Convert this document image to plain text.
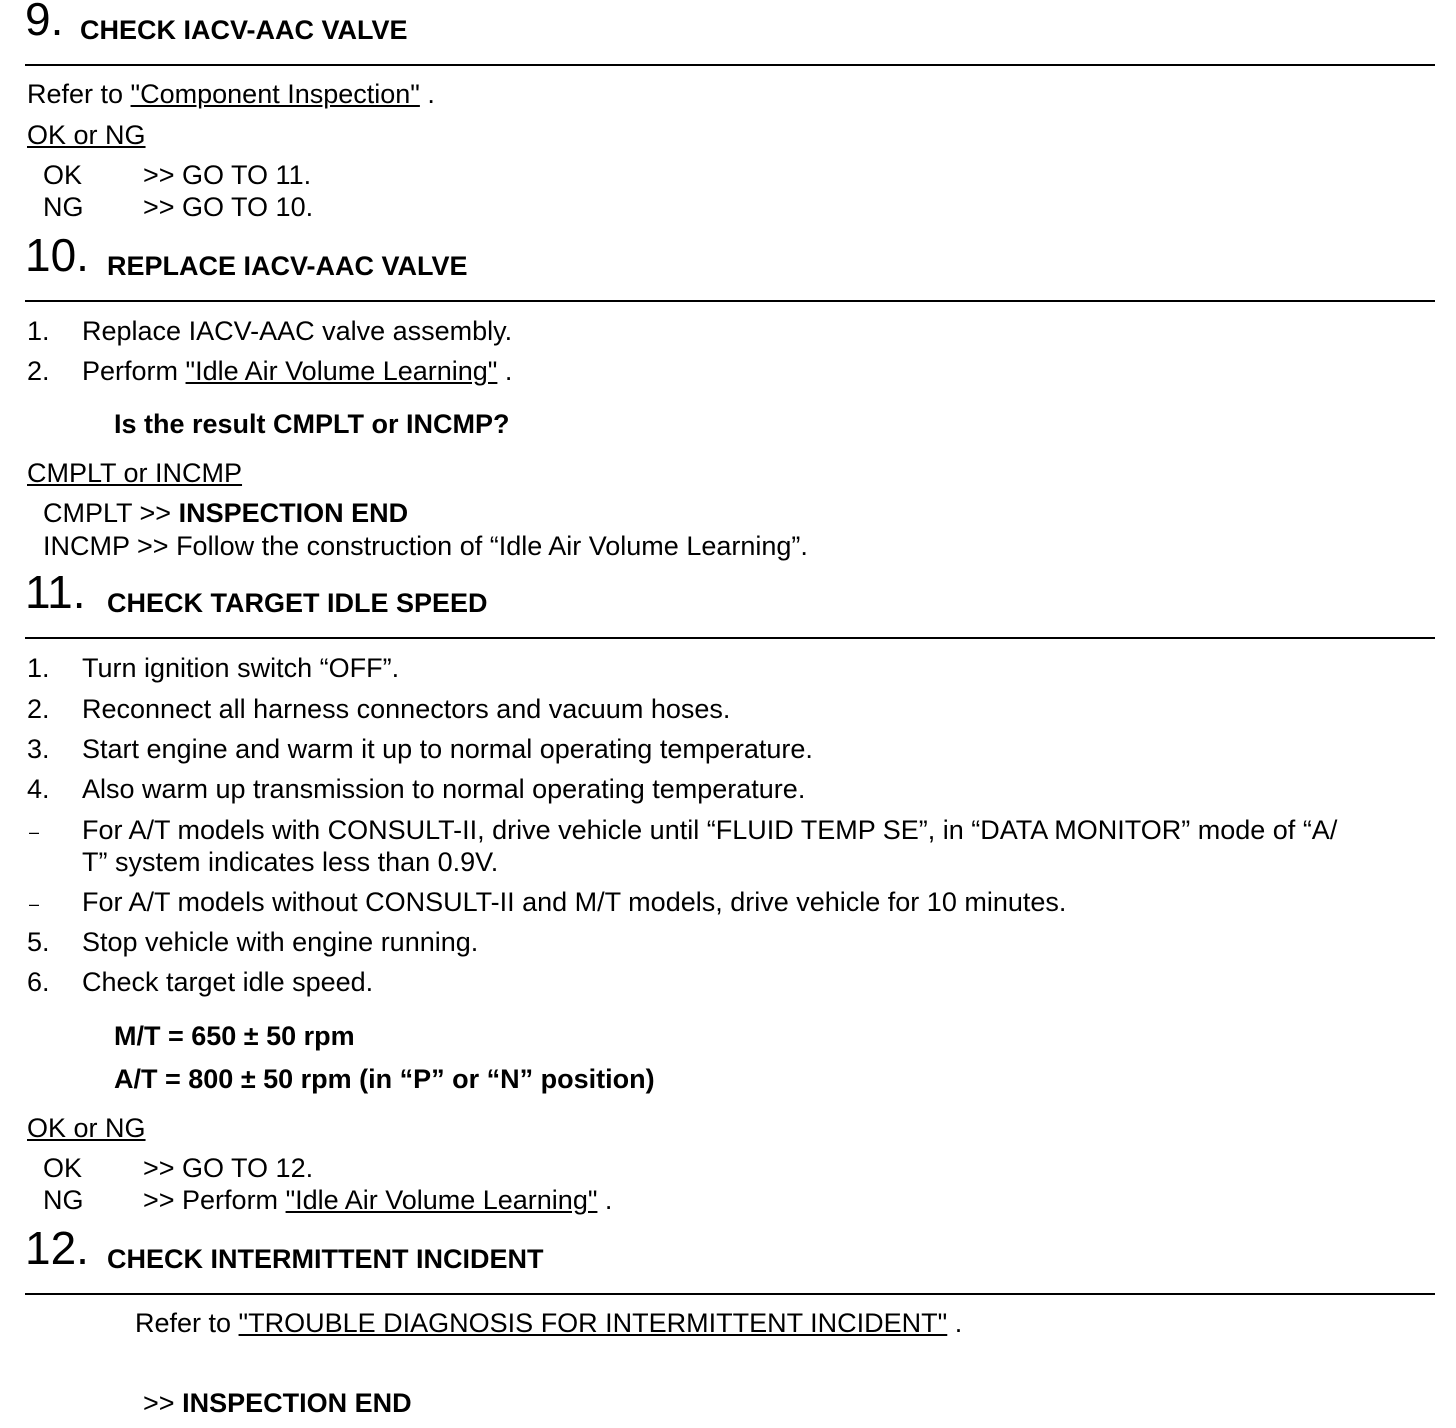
9. CHECK IACV-AAC VALVE
Refer to "Component Inspection" .
OK or NG
OK >> GO TO 11.
NG >> GO TO 10.
10. REPLACE IACV-AAC VALVE
1. Replace IACV-AAC valve assembly.
2. Perform "Idle Air Volume Learning" .
Is the result CMPLT or INCMP?
CMPLT or INCMP
CMPLT >> INSPECTION END
INCMP >> Follow the construction of “Idle Air Volume Learning”.
11. CHECK TARGET IDLE SPEED
1. Turn ignition switch “OFF”.
2. Reconnect all harness connectors and vacuum hoses.
3. Start engine and warm it up to normal operating temperature.
4. Also warm up transmission to normal operating temperature.
– For A/T models with CONSULT-II, drive vehicle until “FLUID TEMP SE”, in “DATA MONITOR” mode of “A/
T” system indicates less than 0.9V.
– For A/T models without CONSULT-II and M/T models, drive vehicle for 10 minutes.
5. Stop vehicle with engine running.
6. Check target idle speed.
M/T = 650 ± 50 rpm
A/T = 800 ± 50 rpm (in “P” or “N” position)
OK or NG
OK >> GO TO 12.
NG >> Perform "Idle Air Volume Learning" .
12. CHECK INTERMITTENT INCIDENT
Refer to "TROUBLE DIAGNOSIS FOR INTERMITTENT INCIDENT" .
>> INSPECTION END
